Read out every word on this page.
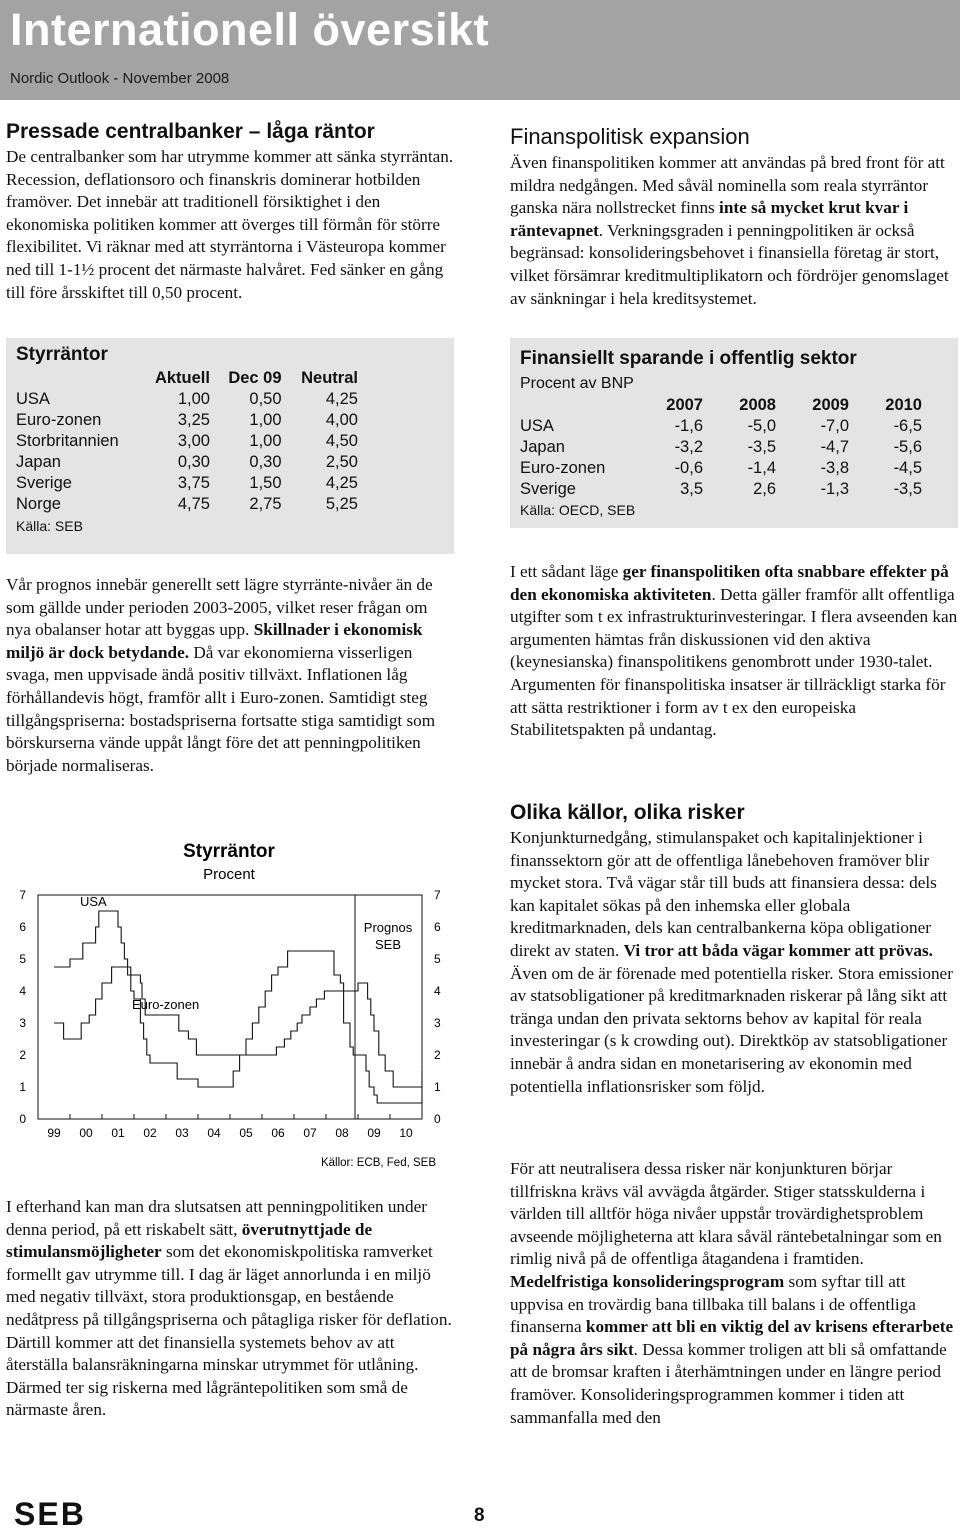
Internationell översikt
Nordic Outlook - November 2008
Pressade centralbanker – låga räntor

De centralbanker som har utrymme kommer att sänka styrräntan. Recession, deflationsoro och finanskris dominerar hotbilden framöver. Det innebär att traditionell försiktighet i den ekonomiska politiken kommer att överges till förmån för större flexibilitet. Vi räknar med att styrräntorna i Västeuropa kommer ned till 1-1½ procent det närmaste halvåret. Fed sänker en gång till före årsskiftet till 0,50 procent.

Styrräntor
	Aktuell	Dec 09	Neutral
USA	1,00	0,50	4,25
Euro-zonen	3,25	1,00	4,00
Storbritannien	3,00	1,00	4,50
Japan	0,30	0,30	2,50
Sverige	3,75	1,50	4,25
Norge	4,75	2,75	5,25
Källa: SEB

Vår prognos innebär generellt sett lägre styrränte-nivåer än de som gällde under perioden 2003-2005, vilket reser frågan om nya obalanser hotar att byggas upp. Skillnader i ekonomisk miljö är dock betydande. Då var ekonomierna visserligen svaga, men uppvisade ändå positiv tillväxt. Inflationen låg förhållandevis högt, framför allt i Euro-zonen. Samtidigt steg tillgångspriserna: bostadspriserna fortsatte stiga samtidigt som börskurserna vände uppåt långt före det att penningpolitiken började normaliseras.

Styrräntor
Procent
0
1
2
3
4
5
6
7
0
1
2
3
4
5
6
7
99 00 01 02 03 04 05 06 07 08 09 10
USA
Euro-zonen
Prognos SEB
Källor: ECB, Fed, SEB

I efterhand kan man dra slutsatsen att penningpolitiken under denna period, på ett riskabelt sätt, överutnyttjade de stimulansmöjligheter som det ekonomiskpolitiska ramverket formellt gav utrymme till. I dag är läget annorlunda i en miljö med negativ tillväxt, stora produktionsgap, en bestående nedåtpress på tillgångspriserna och påtagliga risker för deflation. Därtill kommer att det finansiella systemets behov av att återställa balansräkningarna minskar utrymmet för utlåning. Därmed ter sig riskerna med lågräntepolitiken som små de närmaste åren.

Finanspolitisk expansion

Även finanspolitiken kommer att användas på bred front för att mildra nedgången. Med såväl nominella som reala styrräntor ganska nära nollstrecket finns inte så mycket krut kvar i räntevapnet. Verkningsgraden i penningpolitiken är också begränsad: konsolideringsbehovet i finansiella företag är stort, vilket försämrar kreditmultiplikatorn och fördröjer genomslaget av sänkningar i hela kreditsystemet.

Finansiellt sparande i offentlig sektor
Procent av BNP
	2007	2008	2009	2010
USA	-1,6	-5,0	-7,0	-6,5
Japan	-3,2	-3,5	-4,7	-5,6
Euro-zonen	-0,6	-1,4	-3,8	-4,5
Sverige	3,5	2,6	-1,3	-3,5
Källa: OECD, SEB

I ett sådant läge ger finanspolitiken ofta snabbare effekter på den ekonomiska aktiviteten. Detta gäller framför allt offentliga utgifter som t ex infrastrukturinvesteringar. I flera avseenden kan argumenten hämtas från diskussionen vid den aktiva (keynesianska) finanspolitikens genombrott under 1930-talet. Argumenten för finanspolitiska insatser är tillräckligt starka för att sätta restriktioner i form av t ex den europeiska Stabilitetspakten på undantag.

Olika källor, olika risker

Konjunkturnedgång, stimulanspaket och kapitalinjektioner i finanssektorn gör att de offentliga lånebehoven framöver blir mycket stora. Två vägar står till buds att finansiera dessa: dels kan kapitalet sökas på den inhemska eller globala kreditmarknaden, dels kan centralbankerna köpa obligationer direkt av staten. Vi tror att båda vägar kommer att prövas. Även om de är förenade med potentiella risker. Stora emissioner av statsobligationer på kreditmarknaden riskerar på lång sikt att tränga undan den privata sektorns behov av kapital för reala investeringar (s k crowding out). Direktköp av statsobligationer innebär å andra sidan en monetarisering av ekonomin med potentiella inflationsrisker som följd.

För att neutralisera dessa risker när konjunkturen börjar tillfriskna krävs väl avvägda åtgärder. Stiger statsskulderna i världen till alltför höga nivåer uppstår trovärdighetsproblem avseende möjligheterna att klara såväl räntebetalningar som en rimlig nivå på de offentliga åtagandena i framtiden. Medelfristiga konsolideringsprogram som syftar till att uppvisa en trovärdig bana tillbaka till balans i de offentliga finanserna kommer att bli en viktig del av krisens efterarbete på några års sikt. Dessa kommer troligen att bli så omfattande att de bromsar kraften i återhämtningen under en längre period framöver. Konsolideringsprogrammen kommer i tiden att sammanfalla med den

SEB	8
